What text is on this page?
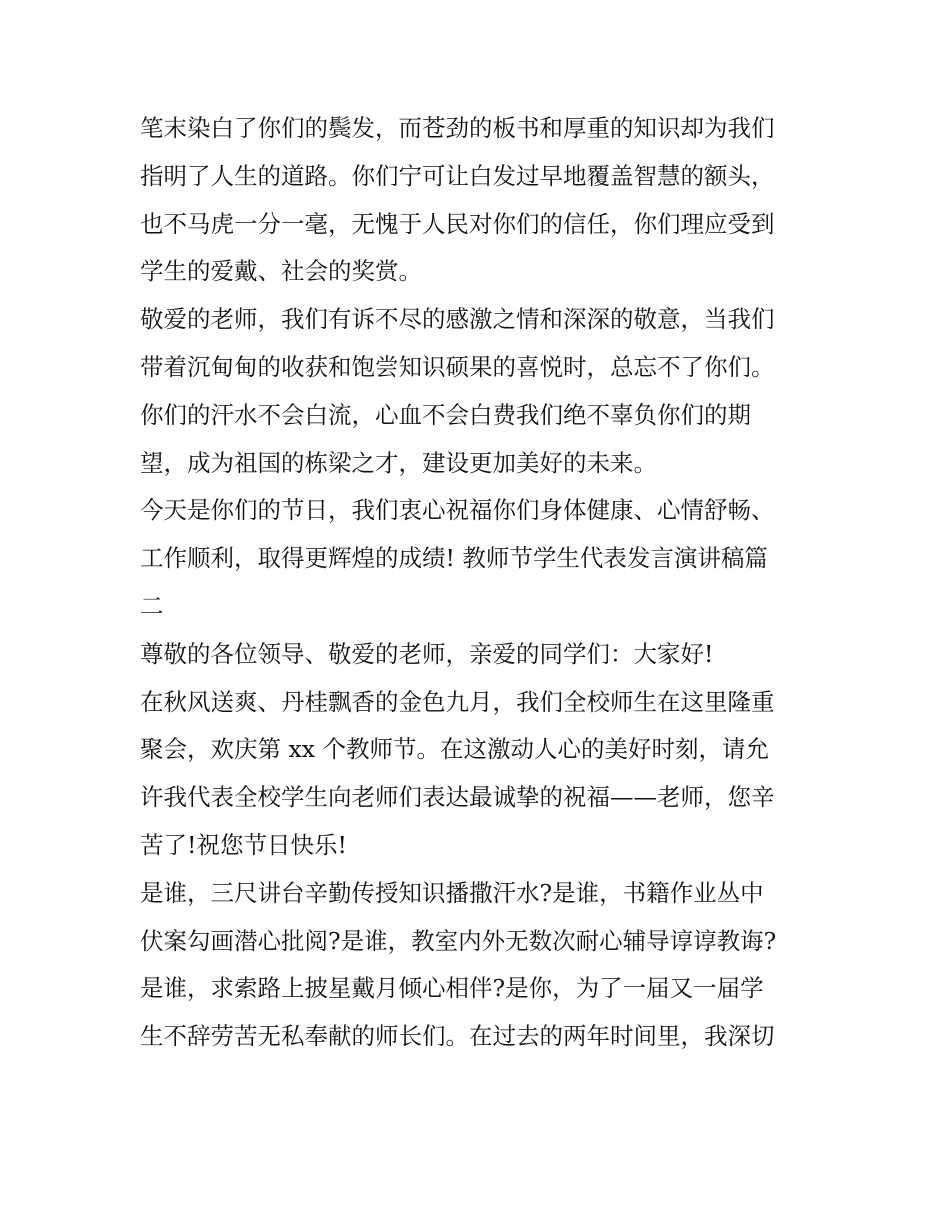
笔末染白了你们的鬓发，而苍劲的板书和厚重的知识却为我们
指明了人生的道路。你们宁可让白发过早地覆盖智慧的额头，
也不马虎一分一毫，无愧于人民对你们的信任，你们理应受到
学生的爱戴、社会的奖赏。
敬爱的老师，我们有诉不尽的感激之情和深深的敬意，当我们
带着沉甸甸的收获和饱尝知识硕果的喜悦时，总忘不了你们。
你们的汗水不会白流，心血不会白费我们绝不辜负你们的期
望，成为祖国的栋梁之才，建设更加美好的未来。
今天是你们的节日，我们衷心祝福你们身体健康、心情舒畅、
工作顺利，取得更辉煌的成绩! 教师节学生代表发言演讲稿篇
二
尊敬的各位领导、敬爱的老师，亲爱的同学们：大家好!
在秋风送爽、丹桂飘香的金色九月，我们全校师生在这里隆重
聚会，欢庆第 xx 个教师节。在这激动人心的美好时刻，请允
许我代表全校学生向老师们表达最诚挚的祝福——老师，您辛
苦了!祝您节日快乐!
是谁，三尺讲台辛勤传授知识播撒汗水?是谁，书籍作业丛中
伏案勾画潜心批阅?是谁，教室内外无数次耐心辅导谆谆教诲?
是谁，求索路上披星戴月倾心相伴?是你，为了一届又一届学
生不辞劳苦无私奉献的师长们。在过去的两年时间里，我深切
